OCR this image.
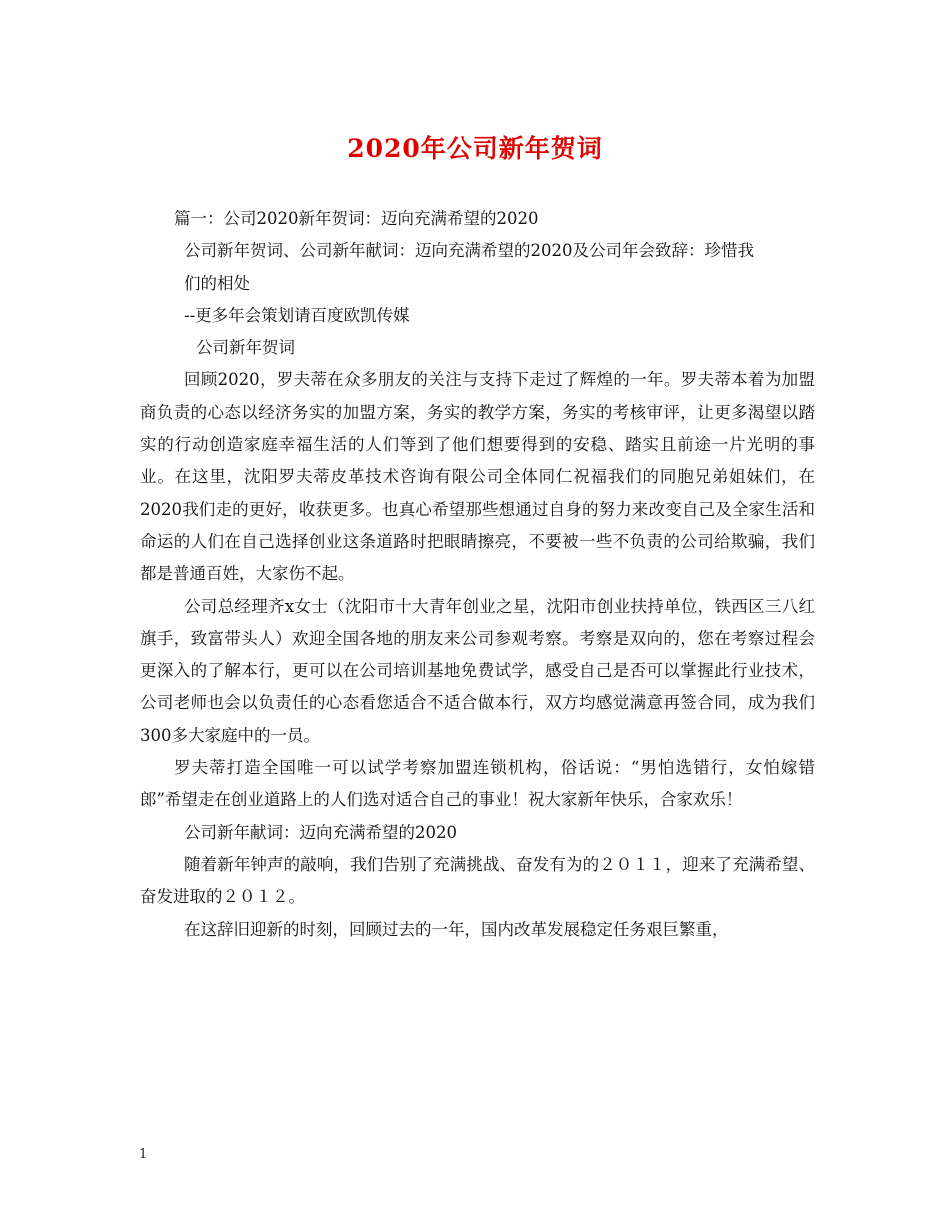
2020年公司新年贺词

篇一：公司2020新年贺词：迈向充满希望的2020

公司新年贺词、公司新年献词：迈向充满希望的2020及公司年会致辞：珍惜我

们的相处

--更多年会策划请百度欧凯传媒

公司新年贺词

回顾2020，罗夫蒂在众多朋友的关注与支持下走过了辉煌的一年。罗夫蒂本着为加盟商负责的心态以经济务实的加盟方案，务实的教学方案，务实的考核审评，让更多渴望以踏实的行动创造家庭幸福生活的人们等到了他们想要得到的安稳、踏实且前途一片光明的事业。在这里，沈阳罗夫蒂皮革技术咨询有限公司全体同仁祝福我们的同胞兄弟姐妹们，在2020我们走的更好，收获更多。也真心希望那些想通过自身的努力来改变自己及全家生活和命运的人们在自己选择创业这条道路时把眼睛擦亮，不要被一些不负责的公司给欺骗，我们都是普通百姓，大家伤不起。

公司总经理齐x女士（沈阳市十大青年创业之星，沈阳市创业扶持单位，铁西区三八红旗手，致富带头人）欢迎全国各地的朋友来公司参观考察。考察是双向的，您在考察过程会更深入的了解本行，更可以在公司培训基地免费试学，感受自己是否可以掌握此行业技术，公司老师也会以负责任的心态看您适合不适合做本行，双方均感觉满意再签合同，成为我们300多大家庭中的一员。

罗夫蒂打造全国唯一可以试学考察加盟连锁机构，俗话说：“男怕选错行，女怕嫁错郎”希望走在创业道路上的人们选对适合自己的事业！祝大家新年快乐，合家欢乐！

公司新年献词：迈向充满希望的2020

随着新年钟声的敲响，我们告别了充满挑战、奋发有为的２０１１，迎来了充满希望、奋发进取的２０１２。

在这辞旧迎新的时刻，回顾过去的一年，国内改革发展稳定任务艰巨繁重，

1
